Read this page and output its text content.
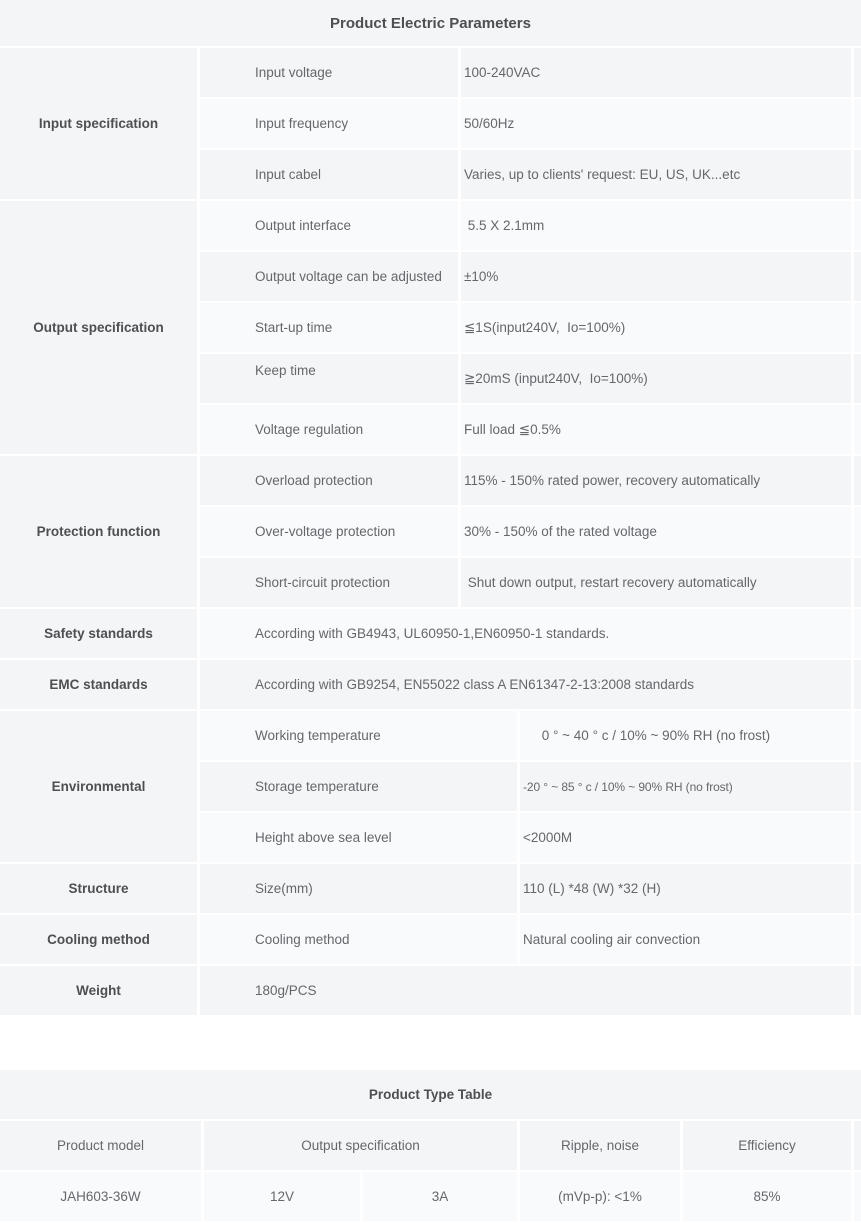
Product Electric Parameters
Input specification
Input voltage	100-240VAC
Input frequency	50/60Hz
Input cabel	Varies, up to clients' request: EU, US, UK...etc
Output specification
Output interface	5.5 X 2.1mm
Output voltage can be adjusted	±10%
Start-up time	≦1S(input240V,  Io=100%)
Keep time	≧20mS (input240V,  Io=100%)
Voltage regulation	Full load ≦0.5%
Protection function
Overload protection	115% - 150% rated power, recovery automatically
Over-voltage protection	30% - 150% of the rated voltage
Short-circuit protection	Shut down output, restart recovery automatically
Safety standards	According with GB4943, UL60950-1,EN60950-1 standards.
EMC standards	According with GB9254, EN55022 class A EN61347-2-13:2008 standards
Environmental
Working temperature	0 ° ~ 40 ° c / 10% ~ 90% RH (no frost)
Storage temperature	-20 ° ~ 85 ° c / 10% ~ 90% RH (no frost)
Height above sea level	<2000M
Structure	Size(mm)	110 (L) *48 (W) *32 (H)
Cooling method	Cooling method	Natural cooling air convection
Weight	180g/PCS
Product Type Table
Product model	Output specification	Ripple, noise	Efficiency
JAH603-36W	12V	3A	(mVp-p): <1%	85%
